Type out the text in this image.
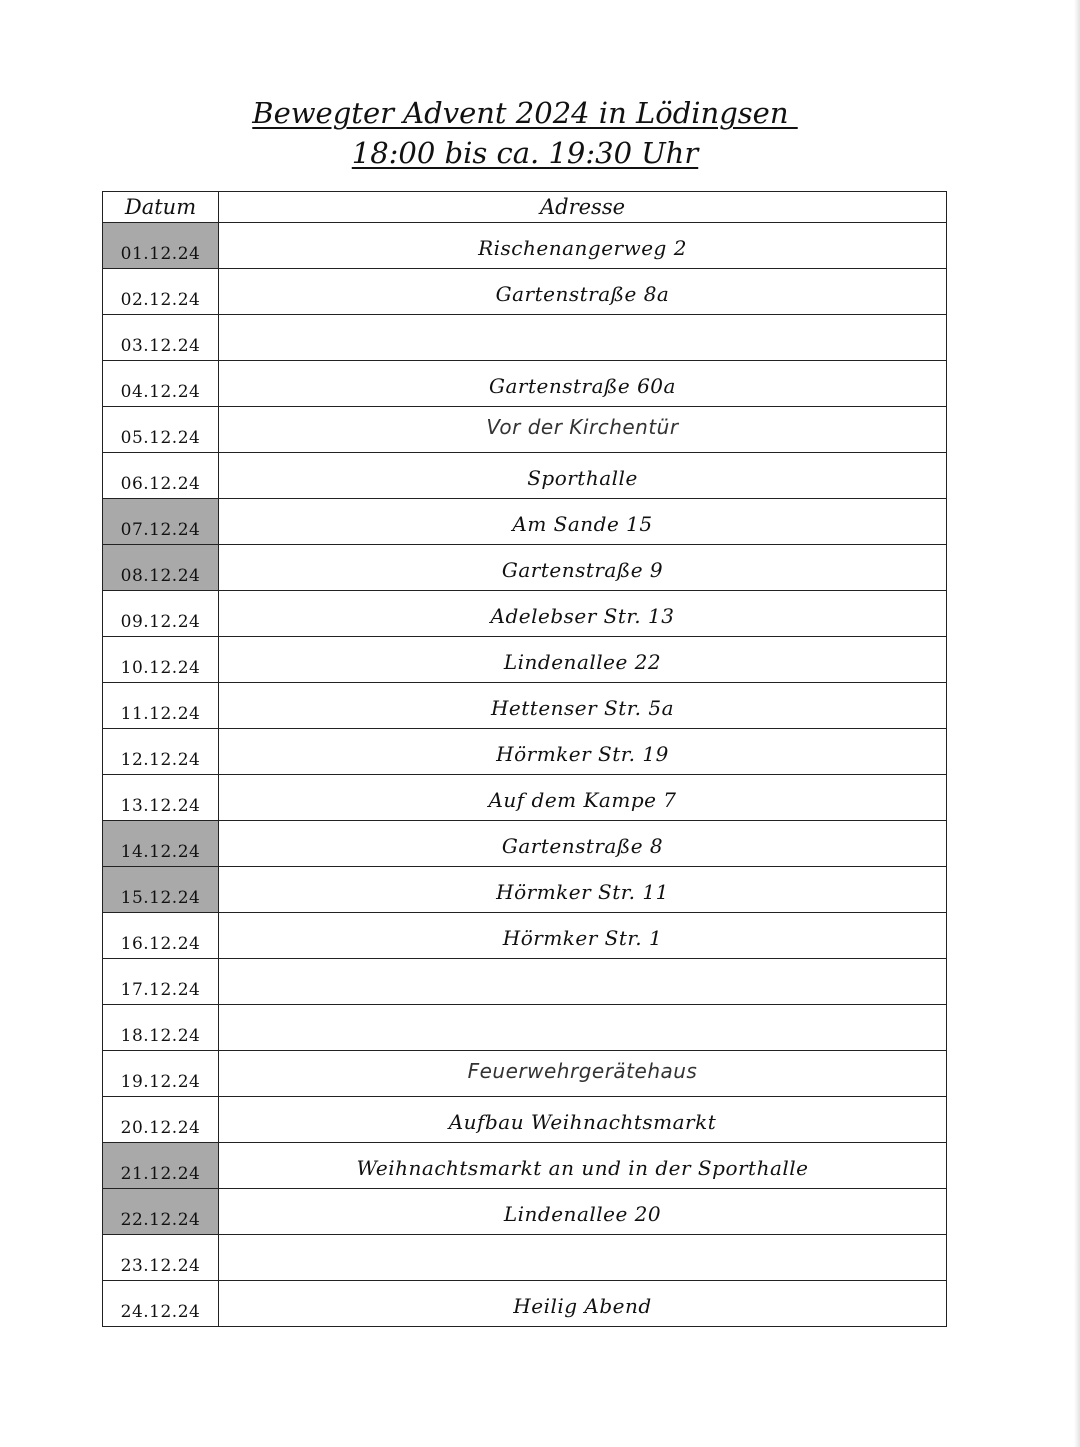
Bewegter Advent 2024 in Lödingsen
18:00 bis ca. 19:30 Uhr
Datum	Adresse
01.12.24	Rischenangerweg 2
02.12.24	Gartenstraße 8a
03.12.24	
04.12.24	Gartenstraße 60a
05.12.24	Vor der Kirchentür
06.12.24	Sporthalle
07.12.24	Am Sande 15
08.12.24	Gartenstraße 9
09.12.24	Adelebser Str. 13
10.12.24	Lindenallee 22
11.12.24	Hettenser Str. 5a
12.12.24	Hörmker Str. 19
13.12.24	Auf dem Kampe 7
14.12.24	Gartenstraße 8
15.12.24	Hörmker Str. 11
16.12.24	Hörmker Str. 1
17.12.24	
18.12.24	
19.12.24	Feuerwehrgerätehaus
20.12.24	Aufbau Weihnachtsmarkt
21.12.24	Weihnachtsmarkt an und in der Sporthalle
22.12.24	Lindenallee 20
23.12.24	
24.12.24	Heilig Abend
